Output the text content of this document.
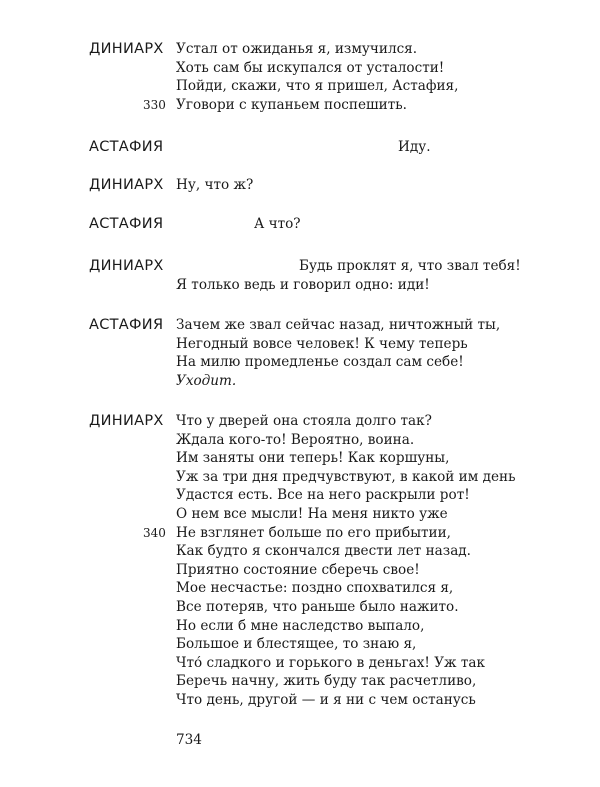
ДИНИАРХ Устал от ожиданья я, измучился.
Хоть сам бы искупался от усталости!
Пойди, скажи, что я пришел, Астафия,
330 Уговори с купаньем поспешить.
АСТАФИЯ	Иду.
ДИНИАРХ Ну, что ж?
АСТАФИЯ	А что?
ДИНИАРХ	Будь проклят я, что звал тебя!
Я только ведь и говорил одно: иди!
АСТАФИЯ Зачем же звал сейчас назад, ничтожный ты,
Негодный вовсе человек! К чему теперь
На милю промедленье создал сам себе!
Уходит.
ДИНИАРХ Что у дверей она стояла долго так?
Ждала кого-то! Вероятно, воина.
Им заняты они теперь! Как коршуны,
Уж за три дня предчувствуют, в какой им день
Удастся есть. Все на него раскрыли рот!
О нем все мысли! На меня никто уже
340 Не взглянет больше по его прибытии,
Как будто я скончался двести лет назад.
Приятно состояние сберечь свое!
Мое несчастье: поздно спохватился я,
Все потеряв, что раньше было нажито.
Но если б мне наследство выпало,
Большое и блестящее, то знаю я,
Что́ сладкого и горького в деньгах! Уж так
Беречь начну, жить буду так расчетливо,
Что день, другой — и я ни с чем останусь
734
